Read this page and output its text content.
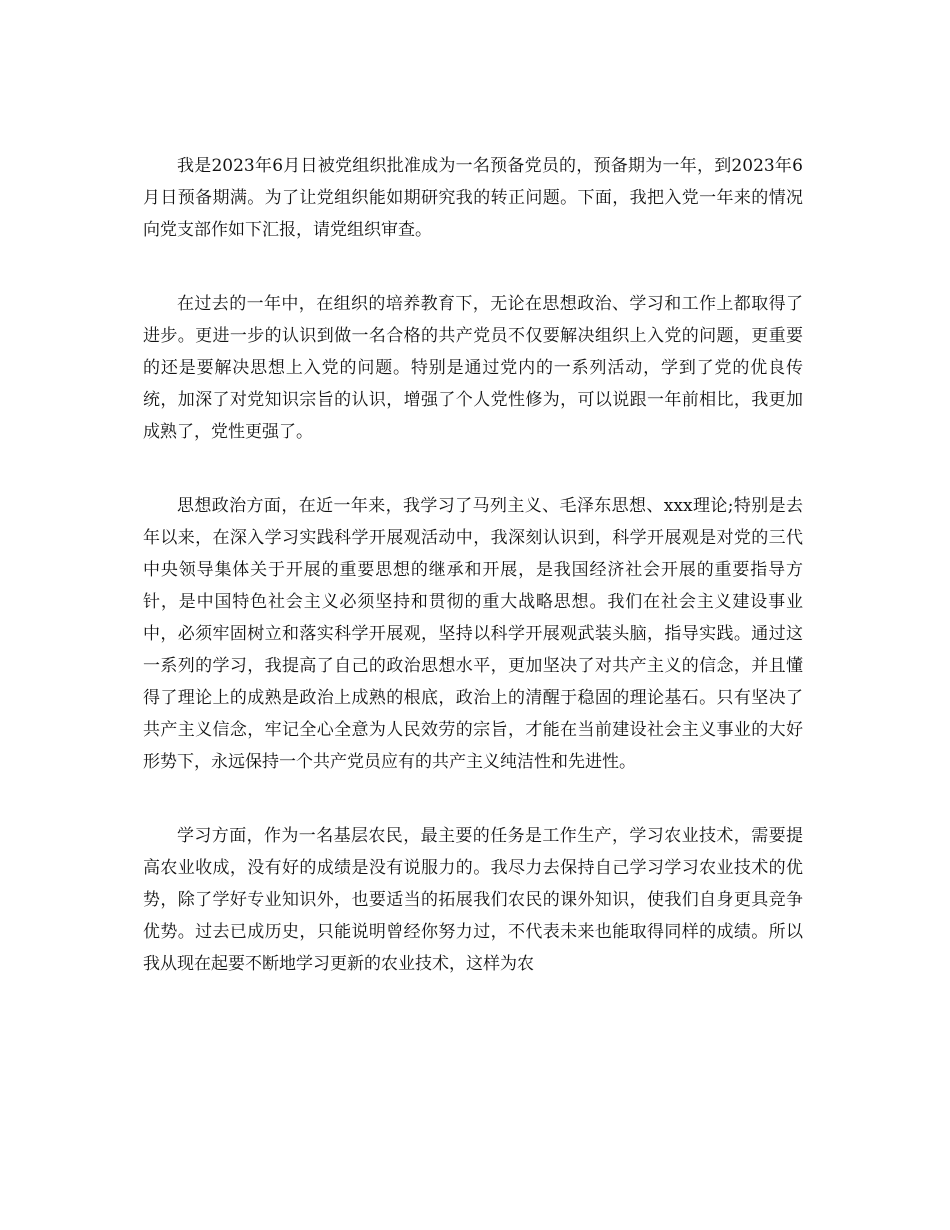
我是2023年6月日被党组织批准成为一名预备党员的，预备期为一年，到2023年6月日预备期满。为了让党组织能如期研究我的转正问题。下面，我把入党一年来的情况向党支部作如下汇报，请党组织审查。

在过去的一年中，在组织的培养教育下，无论在思想政治、学习和工作上都取得了进步。更进一步的认识到做一名合格的共产党员不仅要解决组织上入党的问题，更重要的还是要解决思想上入党的问题。特别是通过党内的一系列活动，学到了党的优良传统，加深了对党知识宗旨的认识，增强了个人党性修为，可以说跟一年前相比，我更加成熟了，党性更强了。

思想政治方面，在近一年来，我学习了马列主义、毛泽东思想、xxx理论;特别是去年以来，在深入学习实践科学开展观活动中，我深刻认识到，科学开展观是对党的三代中央领导集体关于开展的重要思想的继承和开展，是我国经济社会开展的重要指导方针，是中国特色社会主义必须坚持和贯彻的重大战略思想。我们在社会主义建设事业中，必须牢固树立和落实科学开展观，坚持以科学开展观武装头脑，指导实践。通过这一系列的学习，我提高了自己的政治思想水平，更加坚决了对共产主义的信念，并且懂得了理论上的成熟是政治上成熟的根底，政治上的清醒于稳固的理论基石。只有坚决了共产主义信念，牢记全心全意为人民效劳的宗旨，才能在当前建设社会主义事业的大好形势下，永远保持一个共产党员应有的共产主义纯洁性和先进性。

学习方面，作为一名基层农民，最主要的任务是工作生产，学习农业技术，需要提高农业收成，没有好的成绩是没有说服力的。我尽力去保持自己学习学习农业技术的优势，除了学好专业知识外，也要适当的拓展我们农民的课外知识，使我们自身更具竞争优势。过去已成历史，只能说明曾经你努力过，不代表未来也能取得同样的成绩。所以我从现在起要不断地学习更新的农业技术，这样为农
